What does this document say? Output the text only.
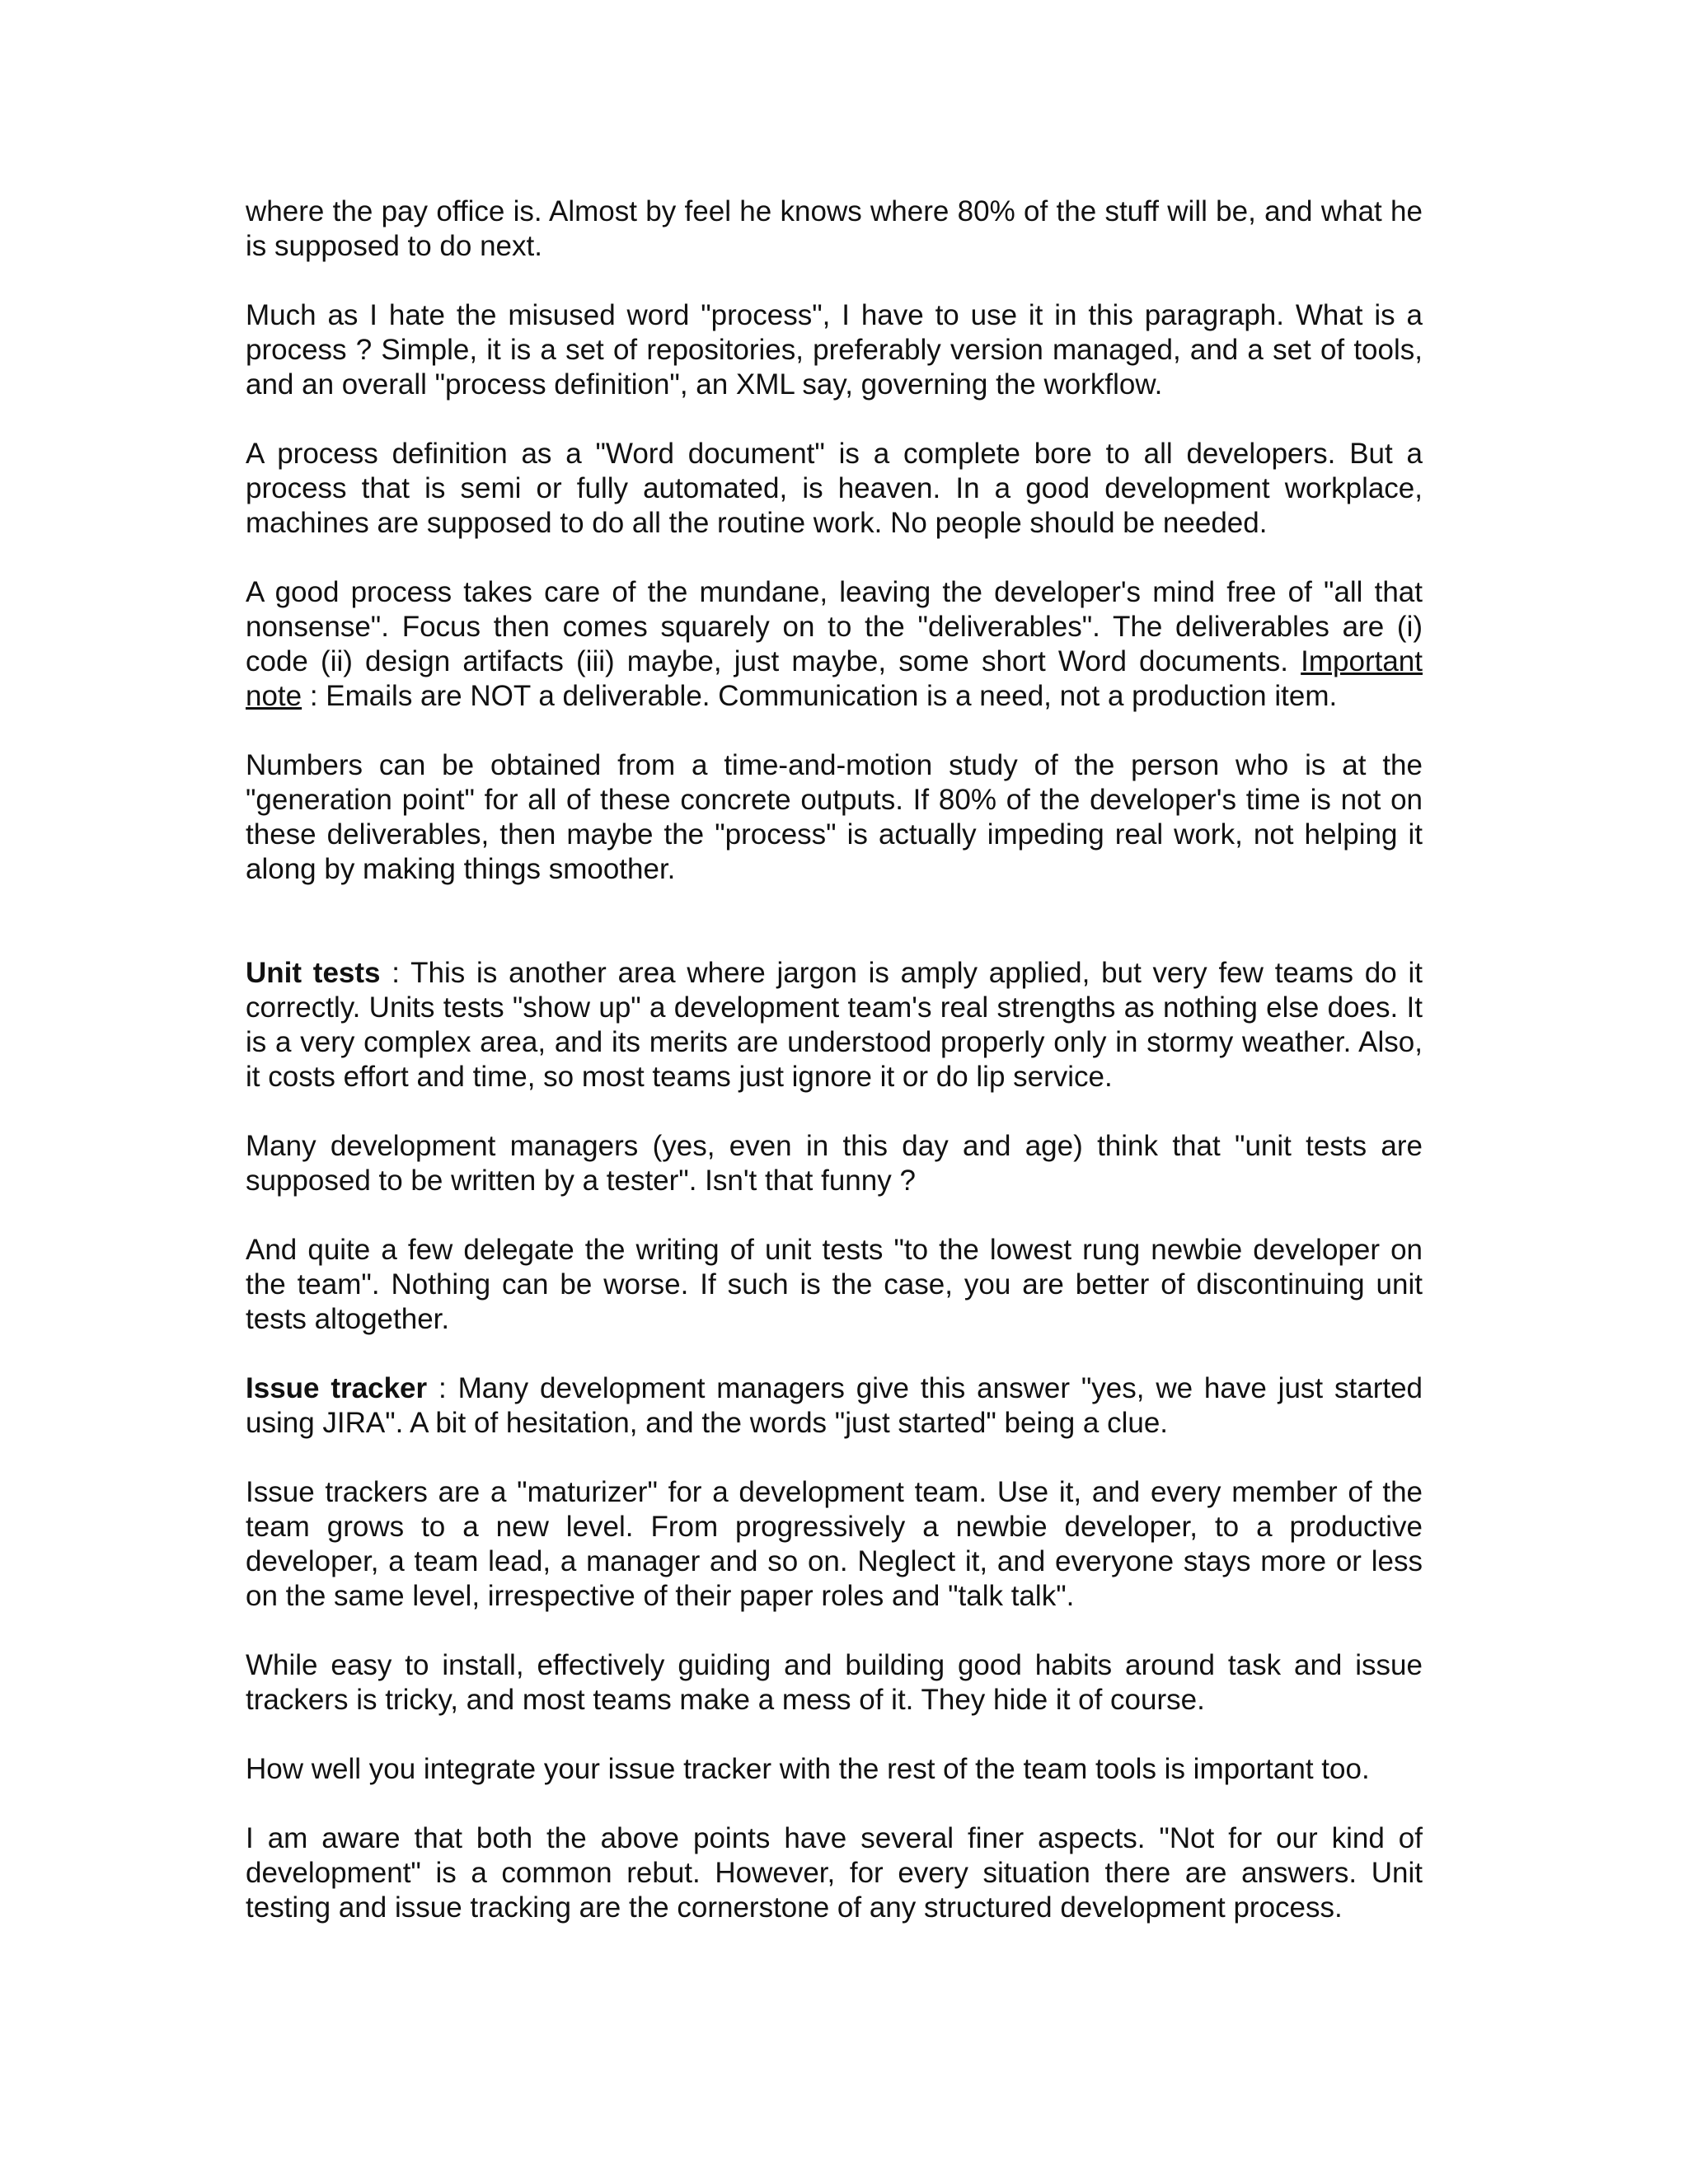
where the pay office is. Almost by feel he knows where 80% of the stuff will be, and what he is supposed to do next.

Much as I hate the misused word "process", I have to use it in this paragraph. What is a process ? Simple, it is a set of repositories, preferably version managed, and a set of tools, and an overall "process definition", an XML say, governing the workflow.

A process definition as a "Word document" is a complete bore to all developers. But a process that is semi or fully automated, is heaven. In a good development workplace, machines are supposed to do all the routine work. No people should be needed.

A good process takes care of the mundane, leaving the developer's mind free of "all that nonsense". Focus then comes squarely on to the "deliverables". The deliverables are (i) code (ii) design artifacts (iii) maybe, just maybe, some short Word documents. Important note : Emails are NOT a deliverable. Communication is a need, not a production item.

Numbers can be obtained from a time-and-motion study of the person who is at the "generation point" for all of these concrete outputs. If 80% of the developer's time is not on these deliverables, then maybe the "process" is actually impeding real work, not helping it along by making things smoother.

Unit tests : This is another area where jargon is amply applied, but very few teams do it correctly. Units tests "show up" a development team's real strengths as nothing else does. It is a very complex area, and its merits are understood properly only in stormy weather. Also, it costs effort and time, so most teams just ignore it or do lip service.

Many development managers (yes, even in this day and age) think that "unit tests are supposed to be written by a tester". Isn't that funny ?

And quite a few delegate the writing of unit tests "to the lowest rung newbie developer on the team". Nothing can be worse. If such is the case, you are better of discontinuing unit tests altogether.

Issue tracker : Many development managers give this answer "yes, we have just started using JIRA". A bit of hesitation, and the words "just started" being a clue.

Issue trackers are a "maturizer" for a development team. Use it, and every member of the team grows to a new level. From progressively a newbie developer, to a productive developer, a team lead, a manager and so on. Neglect it, and everyone stays more or less on the same level, irrespective of their paper roles and "talk talk".

While easy to install, effectively guiding and building good habits around task and issue trackers is tricky, and most teams make a mess of it. They hide it of course.

How well you integrate your issue tracker with the rest of the team tools is important too.

I am aware that both the above points have several finer aspects. "Not for our kind of development" is a common rebut. However, for every situation there are answers. Unit testing and issue tracking are the cornerstone of any structured development process.
